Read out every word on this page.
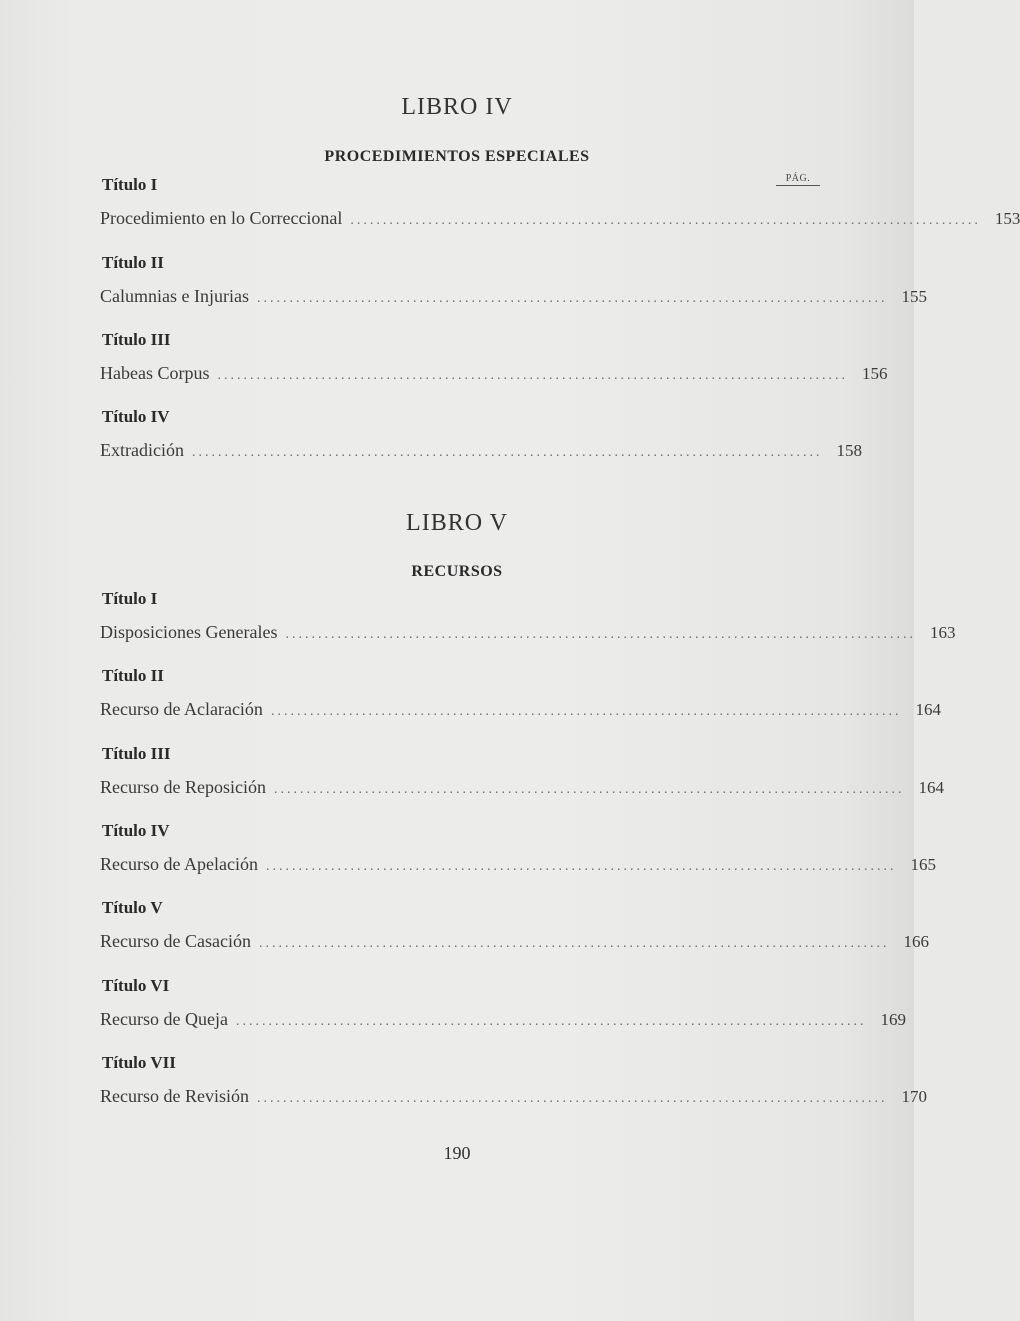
LIBRO IV
PROCEDIMIENTOS ESPECIALES
PÁG.
Título I
Procedimiento en lo Correccional ................................................................................................. 153
Título II
Calumnias e Injurias ................................................................................................. 155
Título III
Habeas Corpus ................................................................................................. 156
Título IV
Extradición ................................................................................................. 158
LIBRO V
RECURSOS
Título I
Disposiciones Generales ................................................................................................. 163
Título II
Recurso de Aclaración ................................................................................................. 164
Título III
Recurso de Reposición ................................................................................................. 164
Título IV
Recurso de Apelación ................................................................................................. 165
Título V
Recurso de Casación ................................................................................................. 166
Título VI
Recurso de Queja ................................................................................................. 169
Título VII
Recurso de Revisión ................................................................................................. 170
190
